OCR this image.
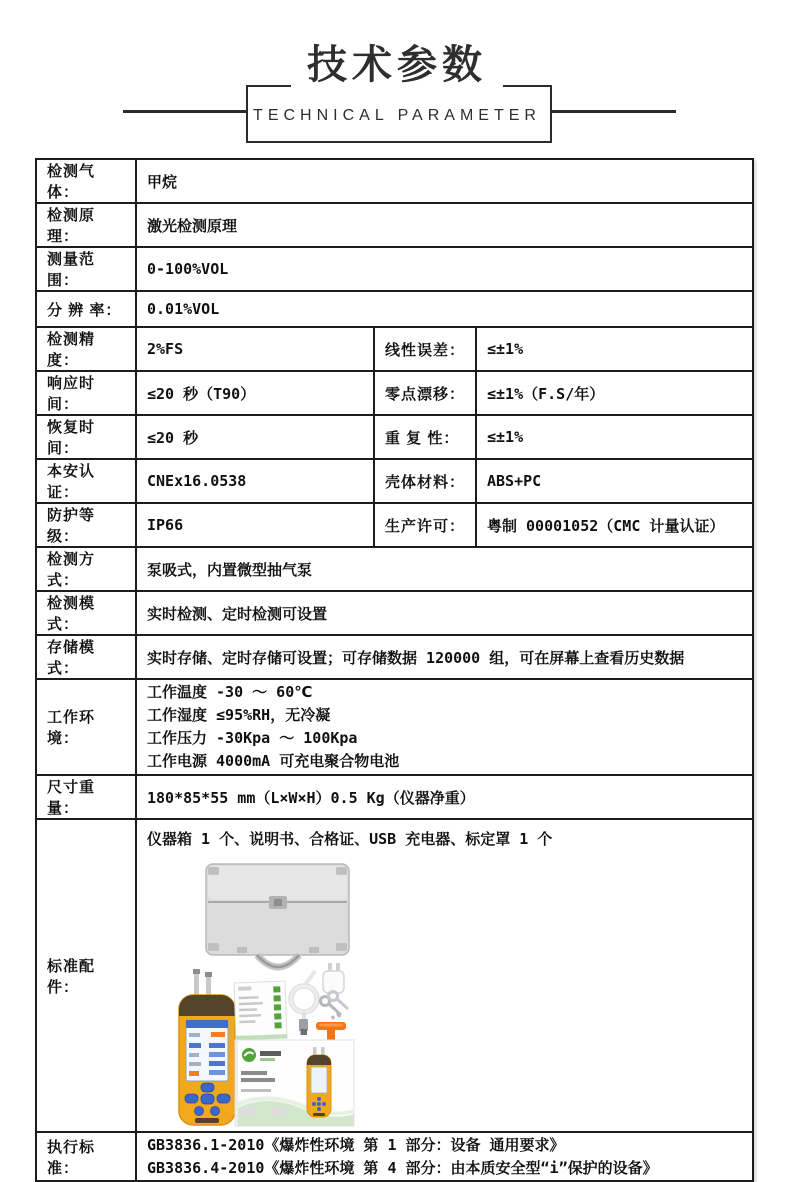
技术参数
TECHNICAL PARAMETER
检测气体：	甲烷		
检测原理：	激光检测原理		
测量范围：	0-100%VOL		
分 辨 率：	0.01%VOL		
检测精度：	2%FS	线性误差：	≤±1%
响应时间：	≤20 秒（T90）	零点漂移：	≤±1%（F.S/年）
恢复时间：	≤20 秒	重 复 性：	≤±1%
本安认证：	CNEx16.0538	壳体材料：	ABS+PC
防护等级：	IP66	生产许可：	粤制 00001052（CMC 计量认证）
检测方式：	泵吸式，内置微型抽气泵		
检测模式：	实时检测、定时检测可设置		
存储模式：	实时存储、定时存储可设置；可存储数据 120000 组，可在屏幕上查看历史数据		
工作环境：	工作温度 -30 ～ 60℃
工作湿度 ≤95%RH，无冷凝
工作压力 -30Kpa ～ 100Kpa
工作电源 4000mA 可充电聚合物电池		

尺寸重量：	180*85*55 mm（L×W×H）0.5 Kg（仪器净重）		
标准配件：	仪器箱 1 个、说明书、合格证、USB 充电器、标定罩 1 个		

执行标准：	GB3836.1-2010《爆炸性环境 第 1 部分：设备 通用要求》
GB3836.4-2010《爆炸性环境 第 4 部分：由本质安全型“i”保护的设备》		
